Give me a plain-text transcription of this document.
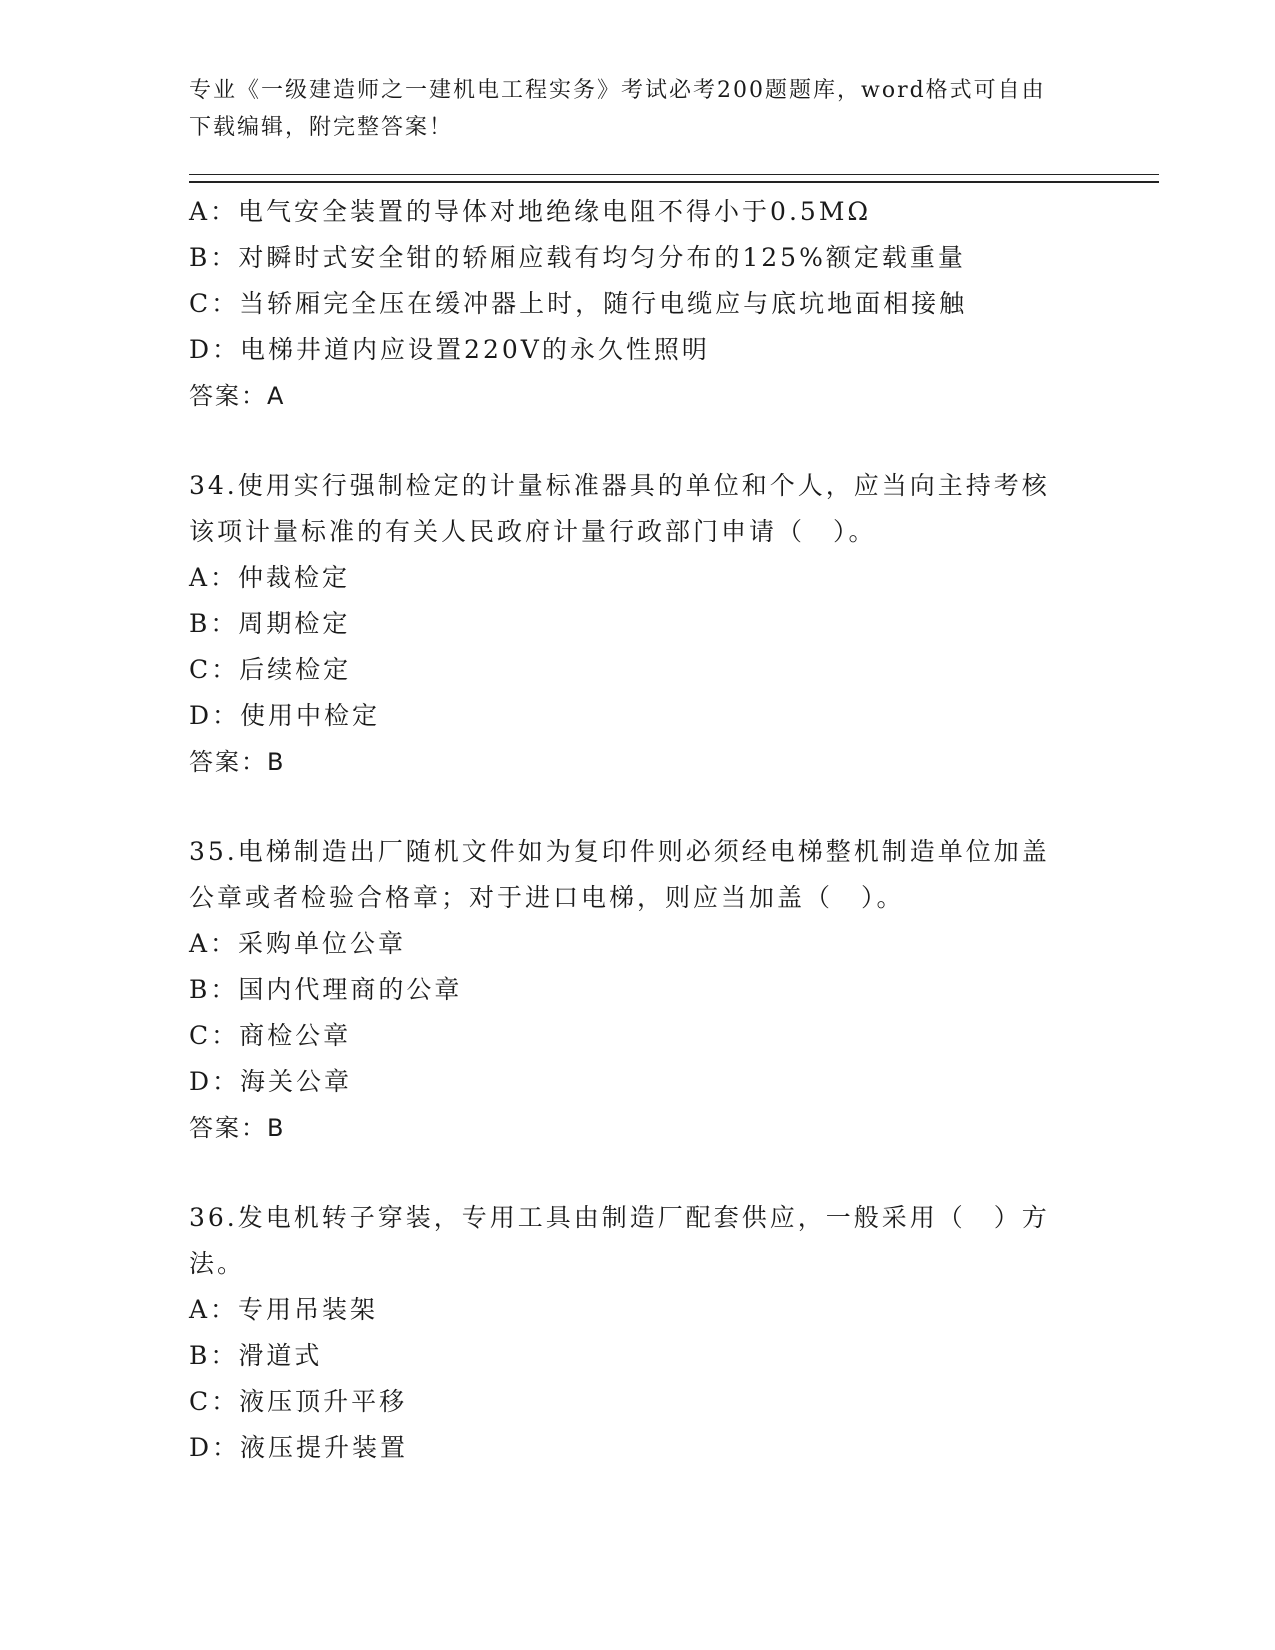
专业《一级建造师之一建机电工程实务》考试必考200题题库，word格式可自由
下载编辑，附完整答案！
A：电气安全装置的导体对地绝缘电阻不得小于0.5MΩ
B：对瞬时式安全钳的轿厢应载有均匀分布的125%额定载重量
C：当轿厢完全压在缓冲器上时，随行电缆应与底坑地面相接触
D：电梯井道内应设置220V的永久性照明
答案：A
34.使用实行强制检定的计量标准器具的单位和个人，应当向主持考核
该项计量标准的有关人民政府计量行政部门申请（　）。
A：仲裁检定
B：周期检定
C：后续检定
D：使用中检定
答案：B
35.电梯制造出厂随机文件如为复印件则必须经电梯整机制造单位加盖
公章或者检验合格章；对于进口电梯，则应当加盖（　）。
A：采购单位公章
B：国内代理商的公章
C：商检公章
D：海关公章
答案：B
36.发电机转子穿装，专用工具由制造厂配套供应，一般采用（　）方
法。
A：专用吊装架
B：滑道式
C：液压顶升平移
D：液压提升装置
